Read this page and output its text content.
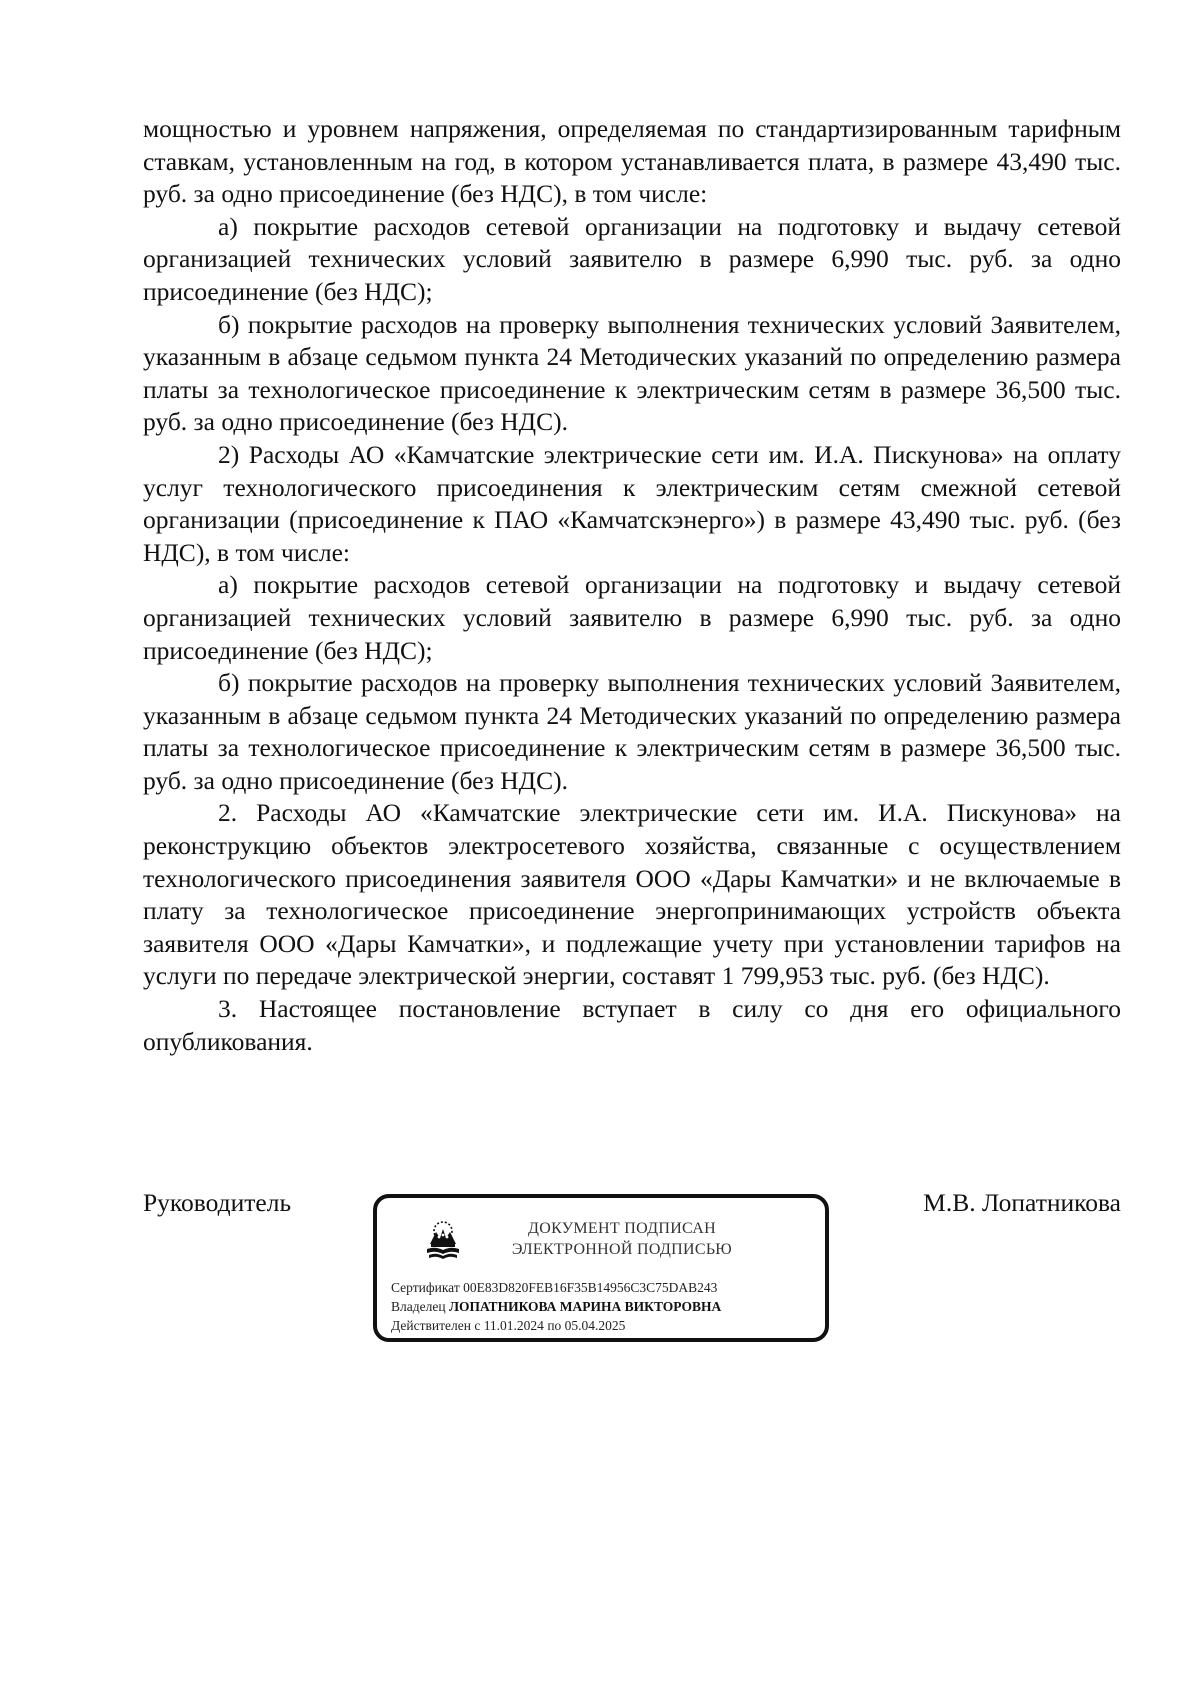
мощностью и уровнем напряжения, определяемая по стандартизированным тарифным ставкам, установленным на год, в котором устанавливается плата, в размере 43,490 тыс. руб. за одно присоединение (без НДС), в том числе:

а) покрытие расходов сетевой организации на подготовку и выдачу сетевой организацией технических условий заявителю в размере 6,990 тыс. руб. за одно присоединение (без НДС);

б) покрытие расходов на проверку выполнения технических условий Заявителем, указанным в абзаце седьмом пункта 24 Методических указаний по определению размера платы за технологическое присоединение к электрическим сетям в размере 36,500 тыс. руб. за одно присоединение (без НДС).

2) Расходы АО «Камчатские электрические сети им. И.А. Пискунова» на оплату услуг технологического присоединения к электрическим сетям смежной сетевой организации (присоединение к ПАО «Камчатскэнерго») в размере 43,490 тыс. руб. (без НДС), в том числе:

а) покрытие расходов сетевой организации на подготовку и выдачу сетевой организацией технических условий заявителю в размере 6,990 тыс. руб. за одно присоединение (без НДС);

б) покрытие расходов на проверку выполнения технических условий Заявителем, указанным в абзаце седьмом пункта 24 Методических указаний по определению размера платы за технологическое присоединение к электрическим сетям в размере 36,500 тыс. руб. за одно присоединение (без НДС).

2. Расходы АО «Камчатские электрические сети им. И.А. Пискунова» на реконструкцию объектов электросетевого хозяйства, связанные с осуществлением технологического присоединения заявителя ООО «Дары Камчатки» и не включаемые в плату за технологическое присоединение энергопринимающих устройств объекта заявителя ООО «Дары Камчатки», и подлежащие учету при установлении тарифов на услуги по передаче электрической энергии, составят 1 799,953 тыс. руб. (без НДС).

3. Настоящее постановление вступает в силу со дня его официального опубликования.

Руководитель
ДОКУМЕНТ ПОДПИСАН
ЭЛЕКТРОННОЙ ПОДПИСЬЮ
Сертификат 00E83D820FEB16F35B14956C3C75DAB243
Владелец ЛОПАТНИКОВА МАРИНА ВИКТОРОВНА
Действителен с 11.01.2024 по 05.04.2025
М.В. Лопатникова
